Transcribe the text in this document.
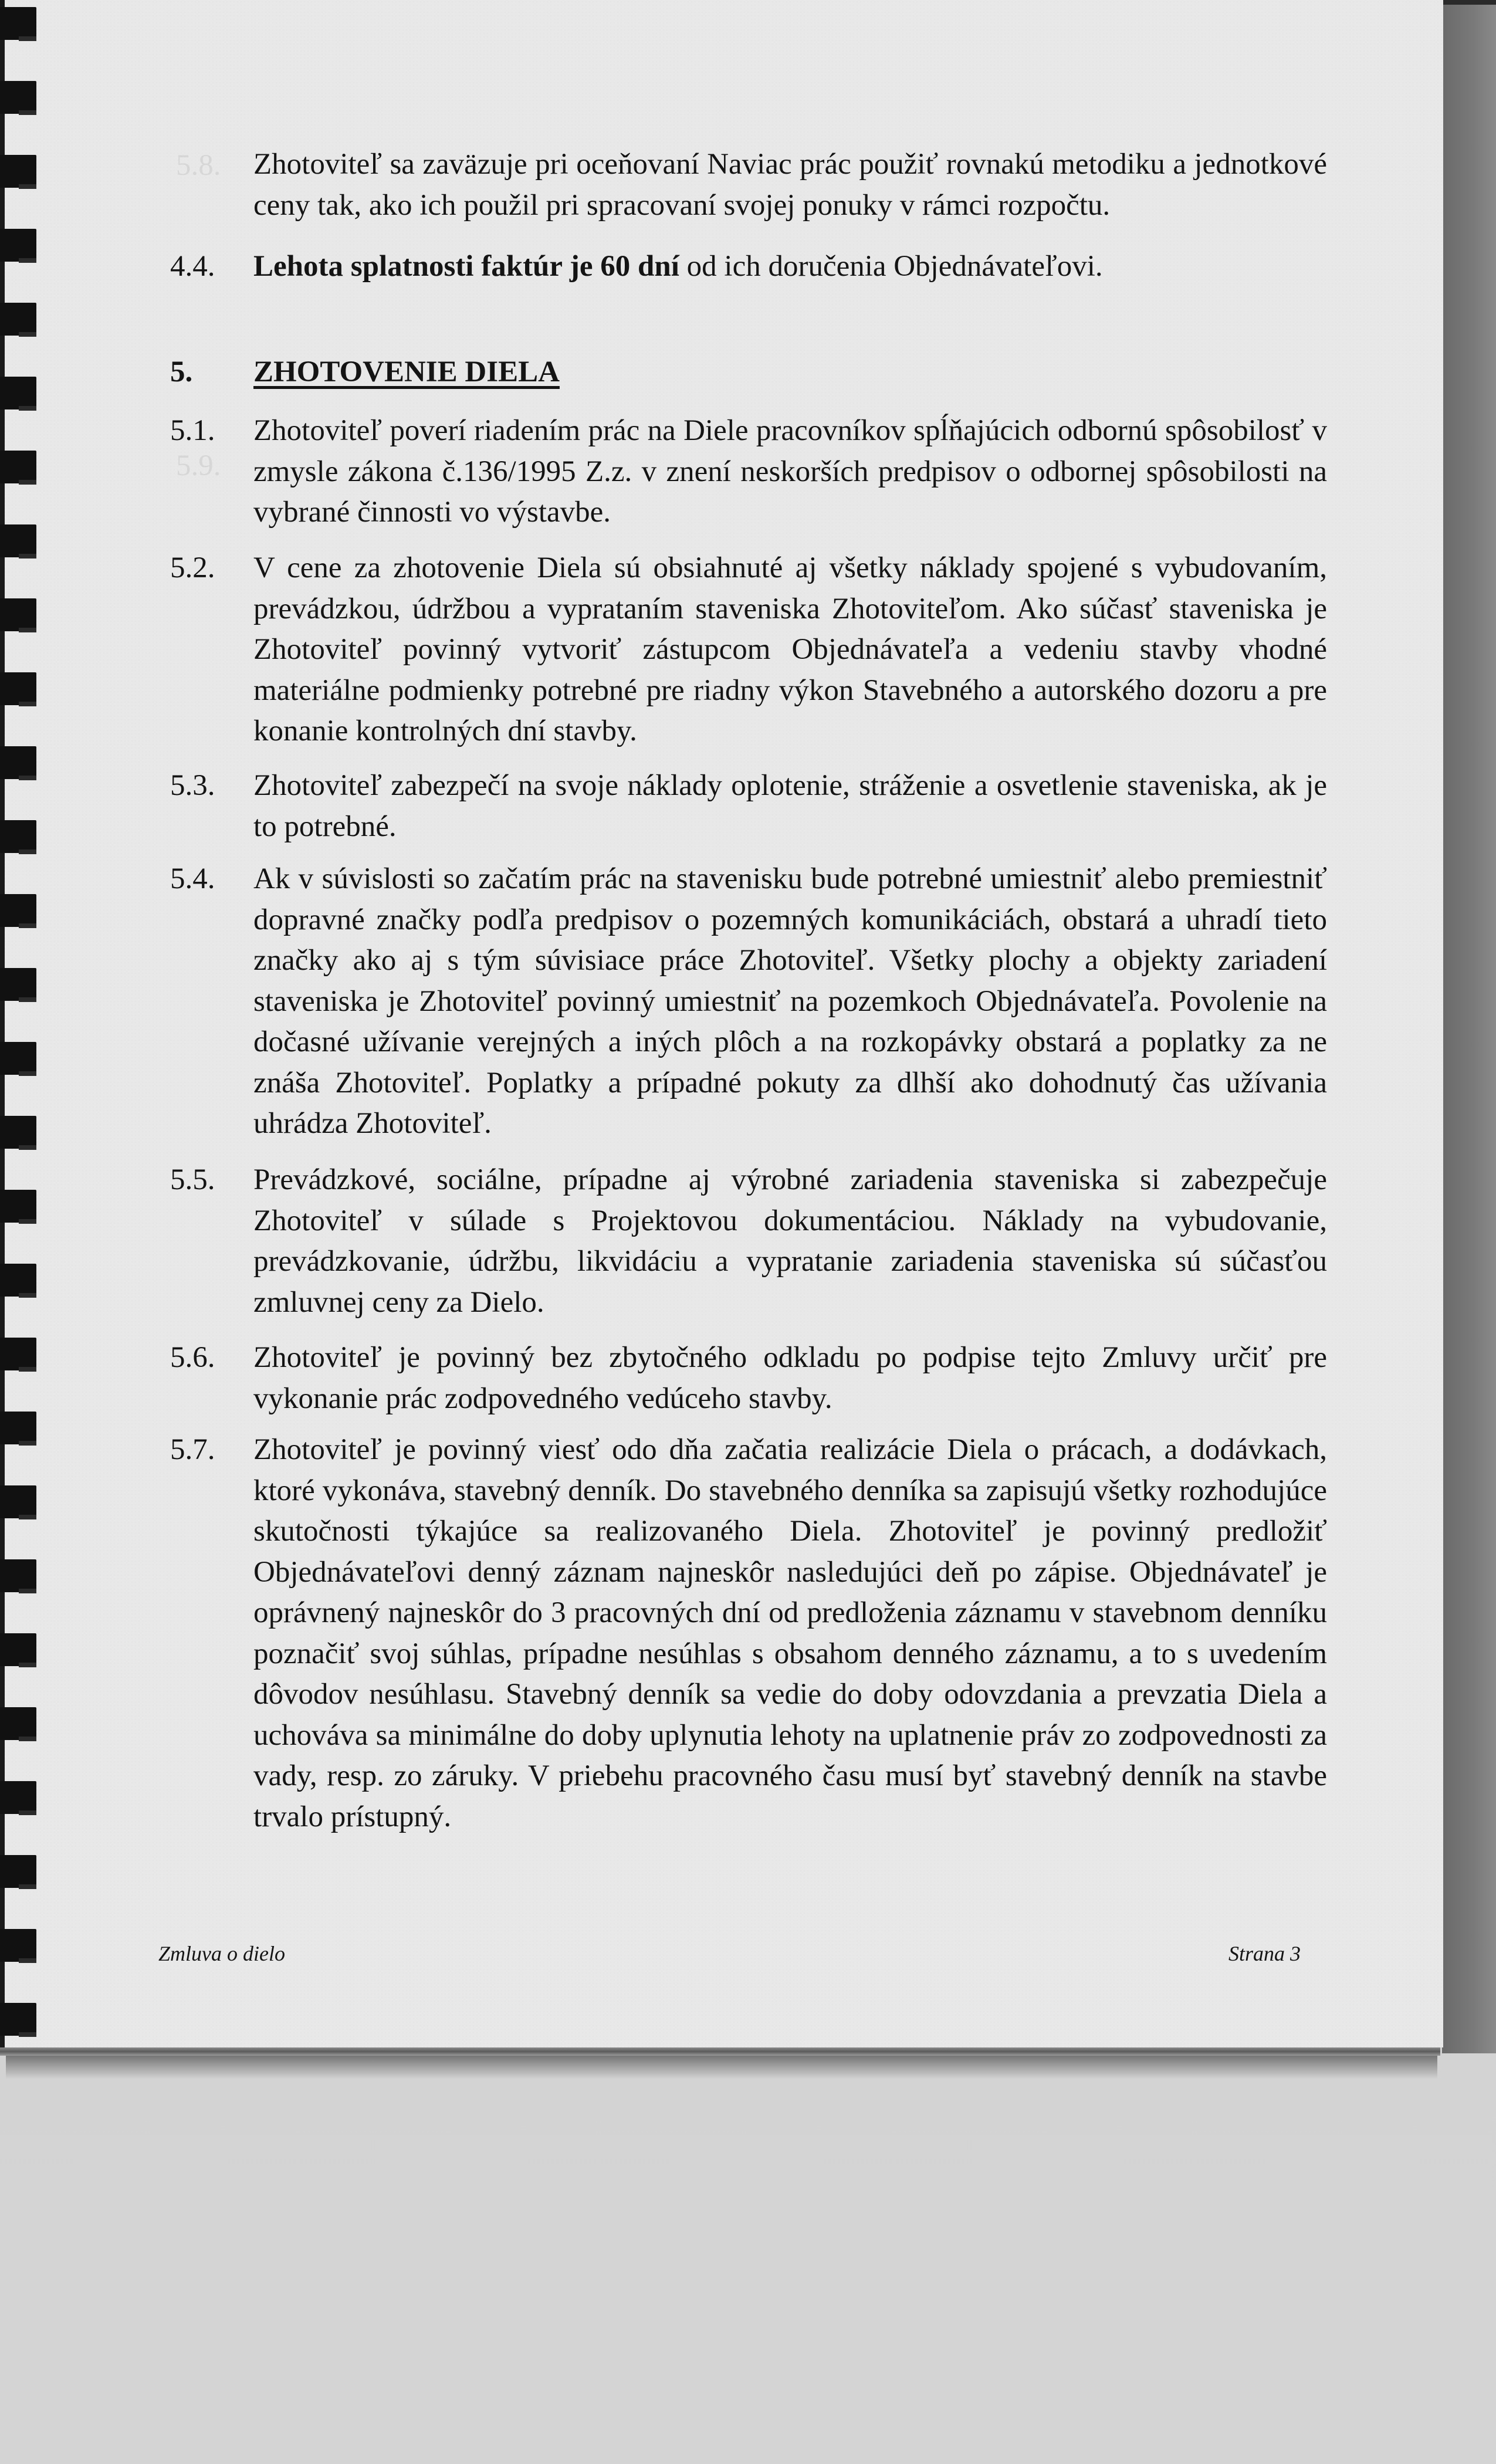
5.8.
5.9.
Zhotoviteľ sa zaväzuje pri oceňovaní Naviac prác použiť rovnakú metodiku a jednotkové ceny tak, ako ich použil pri spracovaní svojej ponuky v rámci rozpočtu.
4.4. Lehota splatnosti faktúr je 60 dní od ich doručenia Objednávateľovi.
5. ZHOTOVENIE DIELA
5.1. Zhotoviteľ poverí riadením prác na Diele pracovníkov spĺňajúcich odbornú spôsobilosť v zmysle zákona č.136/1995 Z.z. v znení neskorších predpisov o odbornej spôsobilosti na vybrané činnosti vo výstavbe.
5.2. V cene za zhotovenie Diela sú obsiahnuté aj všetky náklady spojené s vybudovaním, prevádzkou, údržbou a vypratаním staveniska Zhotoviteľom. Ako súčasť staveniska je Zhotoviteľ povinný vytvoriť zástupcom Objednávateľa a vedeniu stavby vhodné materiálne podmienky potrebné pre riadny výkon Stavebného a autorského dozoru a pre konanie kontrolných dní stavby.
5.3. Zhotoviteľ zabezpečí na svoje náklady oplotenie, stráženie a osvetlenie staveniska, ak je to potrebné.
5.4. Ak v súvislosti so začatím prác na stavenisku bude potrebné umiestniť alebo premiestniť dopravné značky podľa predpisov o pozemných komunikáciách, obstará a uhradí tieto značky ako aj s tým súvisiace práce Zhotoviteľ. Všetky plochy a objekty zariadení staveniska je Zhotoviteľ povinný umiestniť na pozemkoch Objednávateľa. Povolenie na dočasné užívanie verejných a iných plôch a na rozkopávky obstará a poplatky za ne znáša Zhotoviteľ. Poplatky a prípadné pokuty za dlhší ako dohodnutý čas užívania uhrádza Zhotoviteľ.
5.5. Prevádzkové, sociálne, prípadne aj výrobné zariadenia staveniska si zabezpečuje Zhotoviteľ v súlade s Projektovou dokumentáciou. Náklady na vybudovanie, prevádzkovanie, údržbu, likvidáciu a vypratanie zariadenia staveniska sú súčasťou zmluvnej ceny za Dielo.
5.6. Zhotoviteľ je povinný bez zbytočného odkladu po podpise tejto Zmluvy určiť pre vykonanie prác zodpovedného vedúceho stavby.
5.7. Zhotoviteľ je povinný viesť odo dňa začatia realizácie Diela o prácach, a dodávkach, ktoré vykonáva, stavebný denník. Do stavebného denníka sa zapisujú všetky rozhodujúce skutočnosti týkajúce sa realizovaného Diela. Zhotoviteľ je povinný predložiť Objednávateľovi denný záznam najneskôr nasledujúci deň po zápise. Objednávateľ je oprávnený najneskôr do 3 pracovných dní od predloženia záznamu v stavebnom denníku poznačiť svoj súhlas, prípadne nesúhlas s obsahom denného záznamu, a to s uvedením dôvodov nesúhlasu. Stavebný denník sa vedie do doby odovzdania a prevzatia Diela a uchováva sa minimálne do doby uplynutia lehoty na uplatnenie práv zo zodpovednosti za vady, resp. zo záruky. V priebehu pracovného času musí byť stavebný denník na stavbe trvalo prístupný.
Zmluva o dielo	Strana 3
